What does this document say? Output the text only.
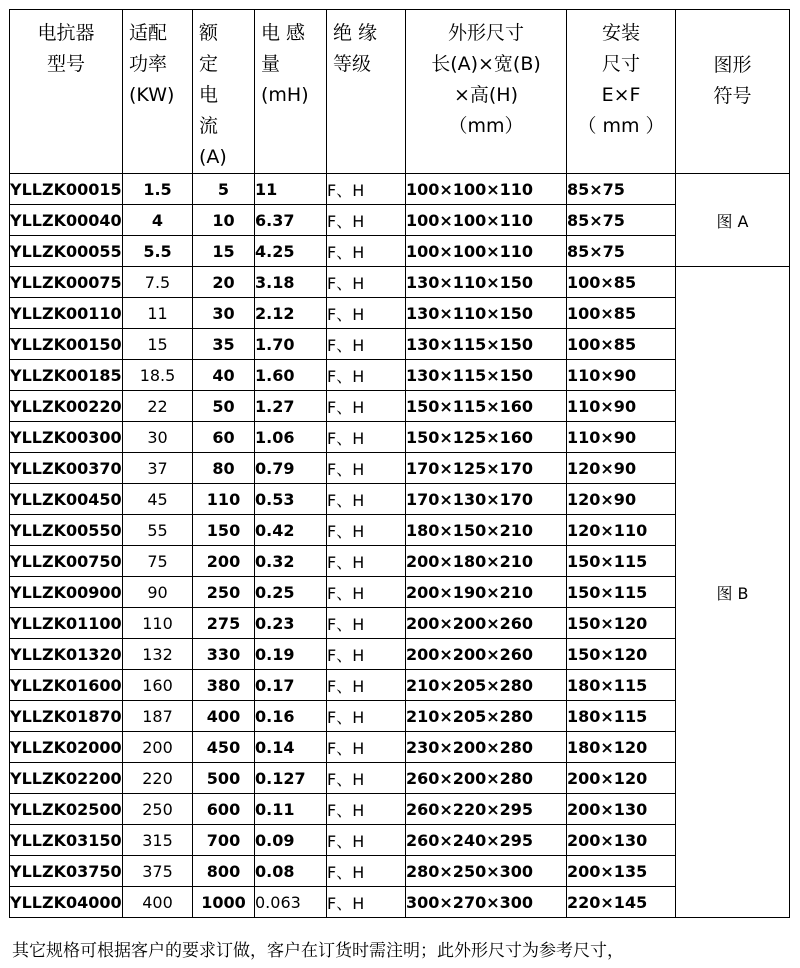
电抗器
型号	适配
功率
(KW)	额
定
电
流
(A)	电 感
量
(mH)	绝 缘
等级	外形尺寸
长(A)×宽(B)
×高(H)
（mm）	安装
尺寸
E×F
（ mm ）	图形
符号

YLLZK00015	1.5	5	11	F、H	100×100×110	85×75	图 A
YLLZK00040	4	10	6.37	F、H	100×100×110	85×75	
YLLZK00055	5.5	15	4.25	F、H	100×100×110	85×75	
YLLZK00075	7.5	20	3.18	F、H	130×110×150	100×85	图 B
YLLZK00110	11	30	2.12	F、H	130×110×150	100×85	
YLLZK00150	15	35	1.70	F、H	130×115×150	100×85	
YLLZK00185	18.5	40	1.60	F、H	130×115×150	110×90	
YLLZK00220	22	50	1.27	F、H	150×115×160	110×90	
YLLZK00300	30	60	1.06	F、H	150×125×160	110×90	
YLLZK00370	37	80	0.79	F、H	170×125×170	120×90	
YLLZK00450	45	110	0.53	F、H	170×130×170	120×90	
YLLZK00550	55	150	0.42	F、H	180×150×210	120×110	
YLLZK00750	75	200	0.32	F、H	200×180×210	150×115	
YLLZK00900	90	250	0.25	F、H	200×190×210	150×115	
YLLZK01100	110	275	0.23	F、H	200×200×260	150×120	
YLLZK01320	132	330	0.19	F、H	200×200×260	150×120	
YLLZK01600	160	380	0.17	F、H	210×205×280	180×115	
YLLZK01870	187	400	0.16	F、H	210×205×280	180×115	
YLLZK02000	200	450	0.14	F、H	230×200×280	180×120	
YLLZK02200	220	500	0.127	F、H	260×200×280	200×120	
YLLZK02500	250	600	0.11	F、H	260×220×295	200×130	
YLLZK03150	315	700	0.09	F、H	260×240×295	200×130	
YLLZK03750	375	800	0.08	F、H	280×250×300	200×135	
YLLZK04000	400	1000	0.063	F、H	300×270×300	220×145	
其它规格可根据客户的要求订做，客户在订货时需注明；此外形尺寸为参考尺寸，
